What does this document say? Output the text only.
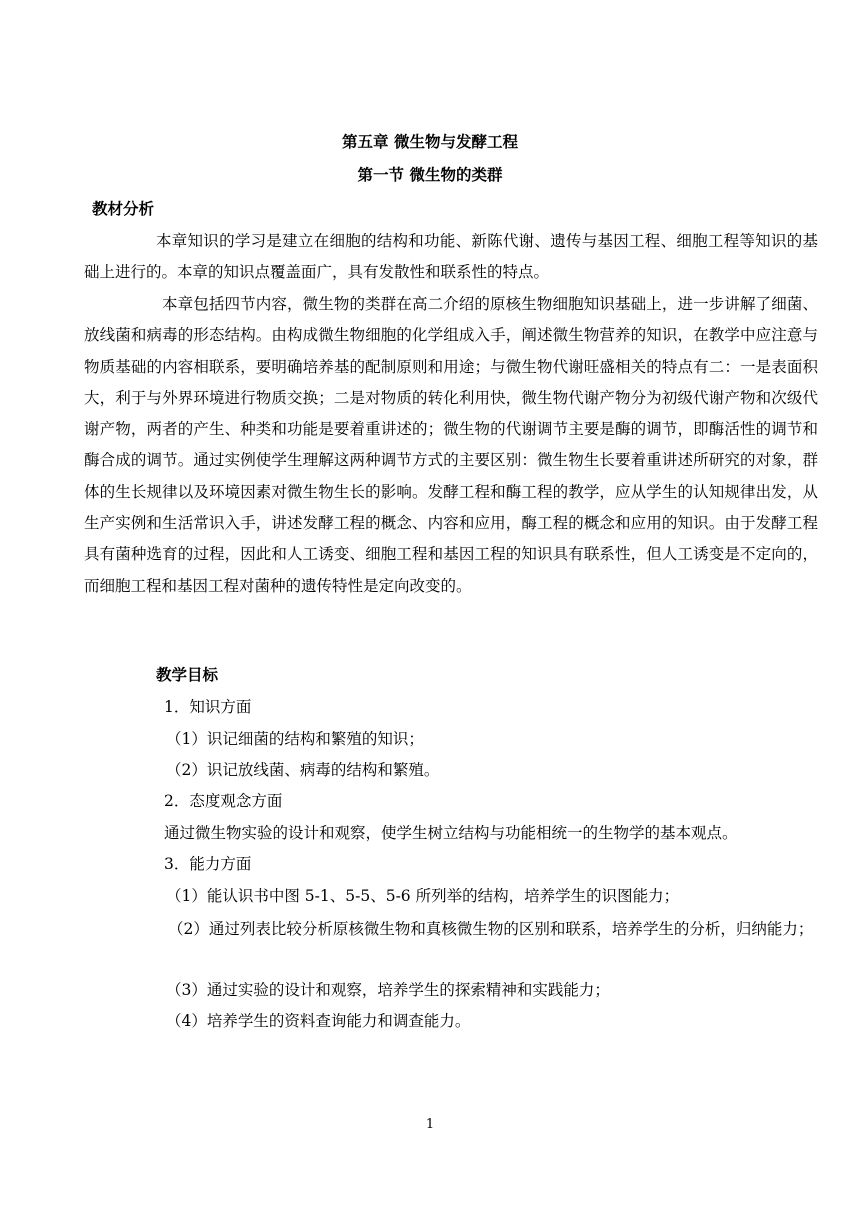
第五章 微生物与发酵工程
第一节 微生物的类群
教材分析

本章知识的学习是建立在细胞的结构和功能、新陈代谢、遗传与基因工程、细胞工程等知识的基础上进行的。本章的知识点覆盖面广，具有发散性和联系性的特点。

本章包括四节内容，微生物的类群在高二介绍的原核生物细胞知识基础上，进一步讲解了细菌、放线菌和病毒的形态结构。由构成微生物细胞的化学组成入手，阐述微生物营养的知识，在教学中应注意与物质基础的内容相联系，要明确培养基的配制原则和用途；与微生物代谢旺盛相关的特点有二：一是表面积大，利于与外界环境进行物质交换；二是对物质的转化利用快，微生物代谢产物分为初级代谢产物和次级代谢产物，两者的产生、种类和功能是要着重讲述的；微生物的代谢调节主要是酶的调节，即酶活性的调节和酶合成的调节。通过实例使学生理解这两种调节方式的主要区别：微生物生长要着重讲述所研究的对象，群体的生长规律以及环境因素对微生物生长的影响。发酵工程和酶工程的教学，应从学生的认知规律出发，从生产实例和生活常识入手，讲述发酵工程的概念、内容和应用，酶工程的概念和应用的知识。由于发酵工程具有菌种选育的过程，因此和人工诱变、细胞工程和基因工程的知识具有联系性，但人工诱变是不定向的，而细胞工程和基因工程对菌种的遗传特性是定向改变的。

教学目标
1．知识方面
（1）识记细菌的结构和繁殖的知识；
（2）识记放线菌、病毒的结构和繁殖。
2．态度观念方面
通过微生物实验的设计和观察，使学生树立结构与功能相统一的生物学的基本观点。
3．能力方面
（1）能认识书中图 5-1、5-5、5-6 所列举的结构，培养学生的识图能力；

（2）通过列表比较分析原核微生物和真核微生物的区别和联系，培养学生的分析，归纳能力；

（3）通过实验的设计和观察，培养学生的探索精神和实践能力；
（4）培养学生的资料查询能力和调查能力。
1
